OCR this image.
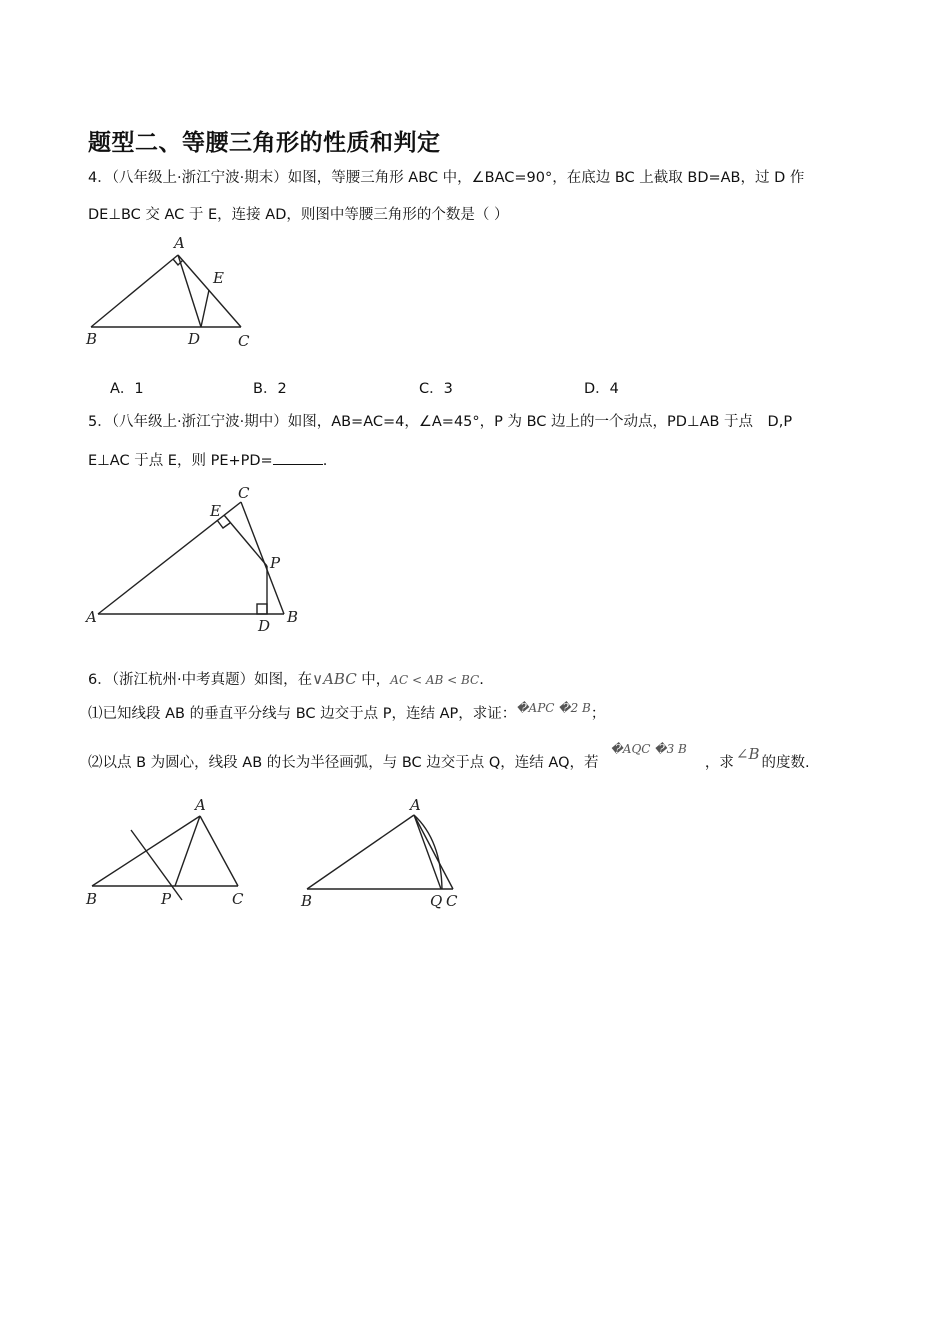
题型二、等腰三角形的性质和判定
4．（八年级上·浙江宁波·期末）如图，等腰三角形 ABC 中，∠BAC=90°，在底边 BC 上截取 BD=AB，过 D 作
DE⊥BC 交 AC 于 E，连接 AD，则图中等腰三角形的个数是（ ）
A
E
B	D	C
A．1	B．2	C．3	D．4
5．（八年级上·浙江宁波·期中）如图，AB=AC=4，∠A=45°，P 为 BC 边上的一个动点，PD⊥AB 于点　D,P
E⊥AC 于点 E，则 PE+PD=	.
C
E
P
A	D B
6．（浙江杭州·中考真题）如图，在∨ABC 中，AC < AB < BC.
⑴已知线段 AB 的垂直平分线与 BC 边交于点 P，连结 AP，求证：$^{�APC �2 B}$；
⑵以点 B 为圆心，线段 AB 的长为半径画弧，与 BC 边交于点 Q，连结 AQ，若$^{�AQC �3 B}$，求 ∠B 的度数.
A
B	P	C
A
B	Q C
